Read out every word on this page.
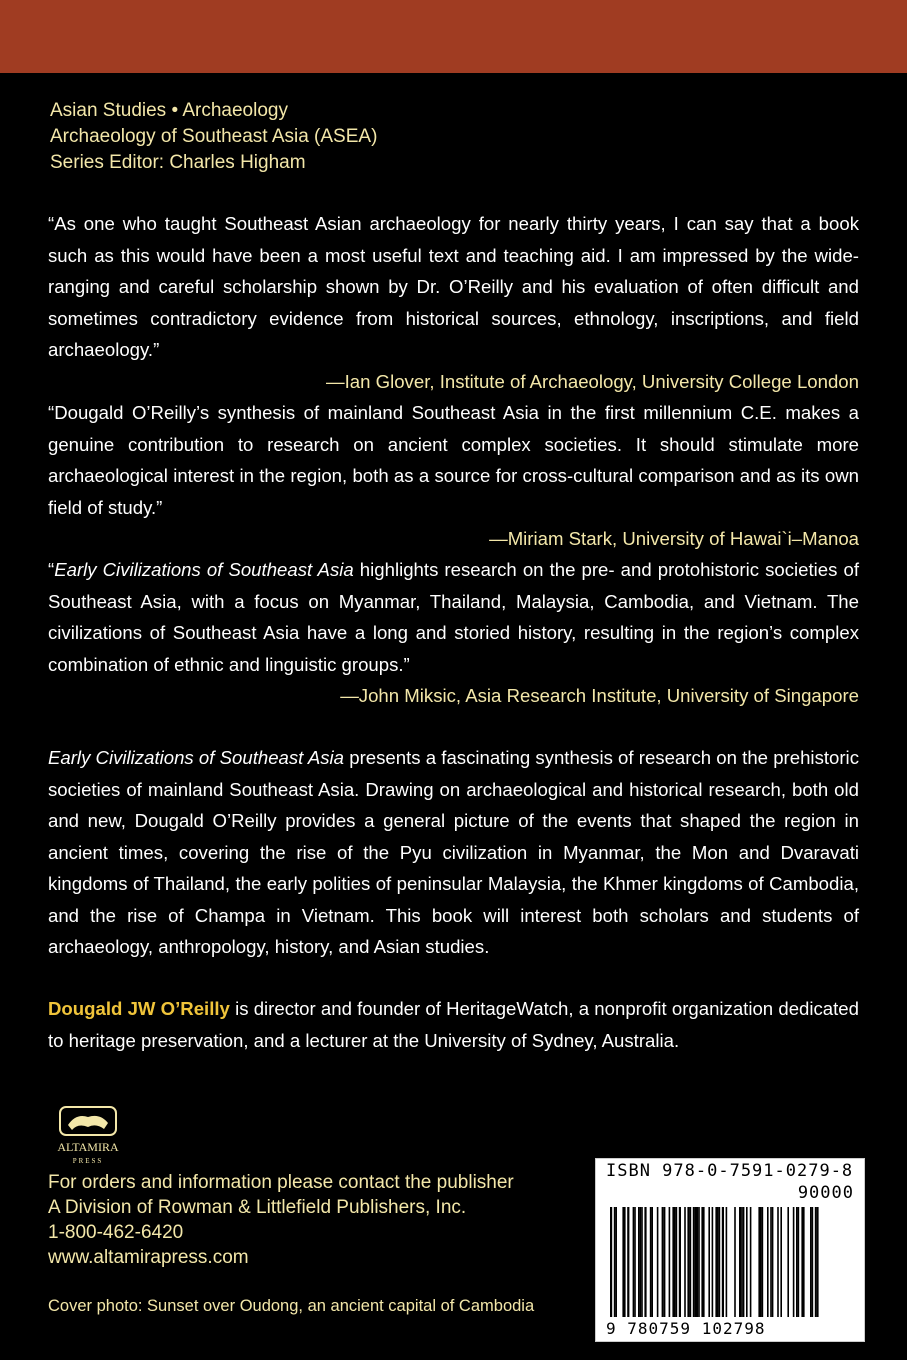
Asian Studies • Archaeology
Archaeology of Southeast Asia (ASEA)
Series Editor: Charles Higham
“As one who taught Southeast Asian archaeology for nearly thirty years, I can say that a book such as this would have been a most useful text and teaching aid. I am impressed by the wide-ranging and careful scholarship shown by Dr. O’Reilly and his evaluation of often difficult and sometimes contradictory evidence from historical sources, ethnology, inscriptions, and field archaeology.”
—Ian Glover, Institute of Archaeology, University College London
“Dougald O’Reilly’s synthesis of mainland Southeast Asia in the first millennium C.E. makes a genuine contribution to research on ancient complex societies. It should stimulate more archaeological interest in the region, both as a source for cross-cultural comparison and as its own field of study.”
—Miriam Stark, University of Hawai`i–Manoa
“Early Civilizations of Southeast Asia highlights research on the pre- and protohistoric societies of Southeast Asia, with a focus on Myanmar, Thailand, Malaysia, Cambodia, and Vietnam. The civilizations of Southeast Asia have a long and storied history, resulting in the region’s complex combination of ethnic and linguistic groups.”
—John Miksic, Asia Research Institute, University of Singapore
Early Civilizations of Southeast Asia presents a fascinating synthesis of research on the prehistoric societies of mainland Southeast Asia. Drawing on archaeological and historical research, both old and new, Dougald O’Reilly provides a general picture of the events that shaped the region in ancient times, covering the rise of the Pyu civilization in Myanmar, the Mon and Dvaravati kingdoms of Thailand, the early polities of peninsular Malaysia, the Khmer kingdoms of Cambodia, and the rise of Champa in Vietnam. This book will interest both scholars and students of archaeology, anthropology, history, and Asian studies.
Dougald JW O’Reilly is director and founder of HeritageWatch, a nonprofit organization dedicated to heritage preservation, and a lecturer at the University of Sydney, Australia.
ALTAMIRA
PRESS
For orders and information please contact the publisher
A Division of Rowman & Littlefield Publishers, Inc.
1-800-462-6420
www.altamirapress.com
Cover photo: Sunset over Oudong, an ancient capital of Cambodia
ISBN 978-0-7591-0279-8
90000
9 780759 102798
